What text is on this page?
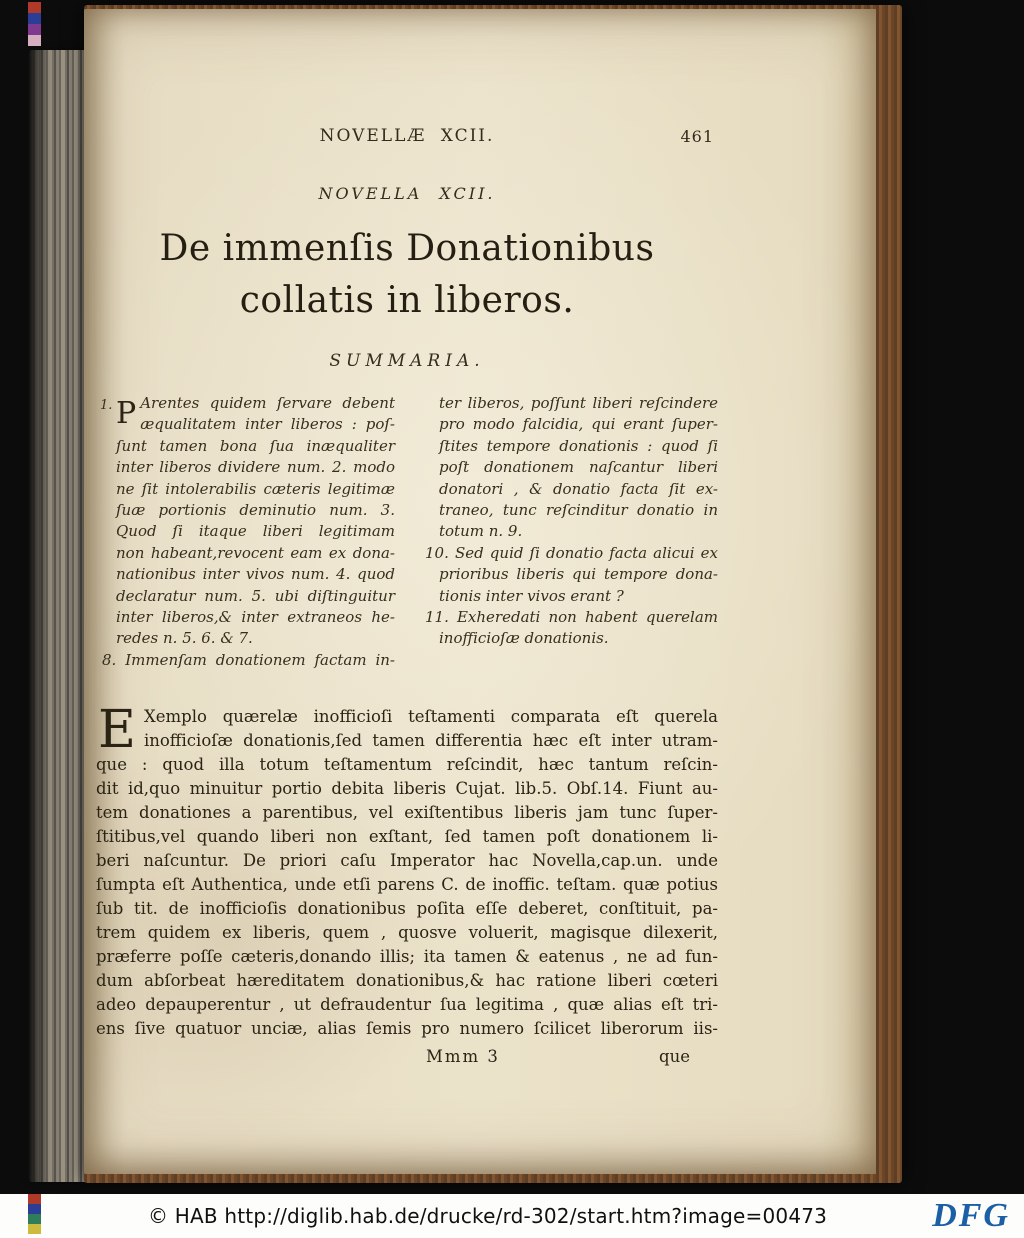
NOVELLÆ XCII.	461
NOVELLA XCII.
De immenſis Donationibus
collatis in liberos.
SUMMARIA.
1. P Arentes quidem ſervare debent
æqualitatem inter liberos : poſ-
ſunt tamen bona ſua inæqualiter
inter liberos dividere num. 2. modo
ne ſit intolerabilis cæteris legitimæ
ſuæ portionis deminutio num. 3.
Quod ſi itaque liberi legitimam
non habeant,revocent eam ex dona-
nationibus inter vivos num. 4. quod
declaratur num. 5. ubi diſtinguitur
inter liberos,& inter extraneos he-
redes n. 5. 6. & 7.
8. Immenſam donationem factam in-
ter liberos, poſſunt liberi reſcindere
pro modo falcidia, qui erant ſuper-
ſtites tempore donationis : quod ſi
poſt donationem naſcantur liberi
donatori , & donatio facta ſit ex-
traneo, tunc reſcinditur donatio in
totum n. 9.
10. Sed quid ſi donatio facta alicui ex
prioribus liberis qui tempore dona-
tionis inter vivos erant ?
11. Exheredati non habent querelam
inofficioſæ donationis.
E Xemplo quærelæ inofficioſi teſtamenti comparata eſt querela
inofficioſæ donationis,ſed tamen differentia hæc eſt inter utram-
que : quod illa totum teſtamentum reſcindit, hæc tantum reſcin-
dit id,quo minuitur portio debita liberis Cujat. lib.5. Obſ.14. Fiunt au-
tem donationes a parentibus, vel exiſtentibus liberis jam tunc ſuper-
ſtitibus,vel quando liberi non exſtant, ſed tamen poſt donationem li-
beri naſcuntur. De priori caſu Imperator hac Novella,cap.un. unde
ſumpta eſt Authentica, unde etſi parens C. de inoffic. teſtam. quæ potius
ſub tit. de inofficioſis donationibus poſita eſſe deberet, conſtituit, pa-
trem quidem ex liberis, quem , quosve voluerit, magisque dilexerit,
præferre poſſe cæteris,donando illis; ita tamen & eatenus , ne ad fun-
dum abſorbeat hæreditatem donationibus,& hac ratione liberi cœteri
adeo depauperentur , ut defraudentur ſua legitima , quæ alias eſt tri-
ens ſive quatuor unciæ, alias ſemis pro numero ſcilicet liberorum iis-
Mmm 3	que
© HAB http://diglib.hab.de/drucke/rd-302/start.htm?image=00473	DFG
